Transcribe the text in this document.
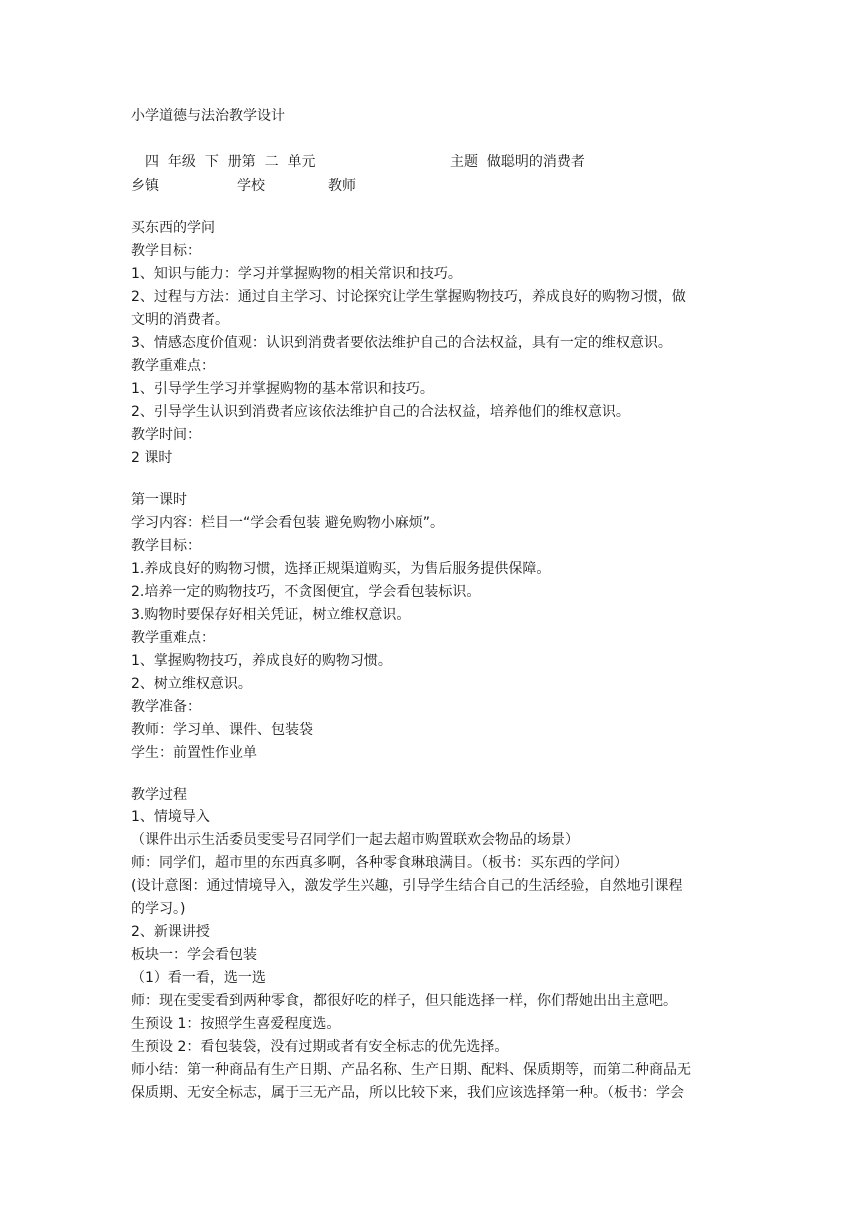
小学道德与法治教学设计
四 年级 下 册第 二 单元	主题 做聪明的消费者
乡镇	学校	教师
买东西的学问
教学目标：
1、知识与能力：学习并掌握购物的相关常识和技巧。
2、过程与方法：通过自主学习、讨论探究让学生掌握购物技巧，养成良好的购物习惯，做
文明的消费者。
3、情感态度价值观：认识到消费者要依法维护自己的合法权益，具有一定的维权意识。
教学重难点：
1、引导学生学习并掌握购物的基本常识和技巧。
2、引导学生认识到消费者应该依法维护自己的合法权益，培养他们的维权意识。
教学时间：
2 课时
第一课时
学习内容：栏目一“学会看包装 避免购物小麻烦”。
教学目标：
1.养成良好的购物习惯，选择正规渠道购买，为售后服务提供保障。
2.培养一定的购物技巧，不贪图便宜，学会看包装标识。
3.购物时要保存好相关凭证，树立维权意识。
教学重难点：
1、掌握购物技巧，养成良好的购物习惯。
2、树立维权意识。
教学准备：
教师：学习单、课件、包装袋
学生：前置性作业单
教学过程
1、情境导入
（课件出示生活委员雯雯号召同学们一起去超市购置联欢会物品的场景）
师：同学们，超市里的东西真多啊，各种零食琳琅满目。（板书：买东西的学问）
(设计意图：通过情境导入，激发学生兴趣，引导学生结合自己的生活经验，自然地引课程
的学习。)
2、新课讲授
板块一：学会看包装
（1）看一看，选一选
师：现在雯雯看到两种零食，都很好吃的样子，但只能选择一样，你们帮她出出主意吧。
生预设 1：按照学生喜爱程度选。
生预设 2：看包装袋，没有过期或者有安全标志的优先选择。
师小结：第一种商品有生产日期、产品名称、生产日期、配料、保质期等，而第二种商品无
保质期、无安全标志，属于三无产品，所以比较下来，我们应该选择第一种。（板书：学会
